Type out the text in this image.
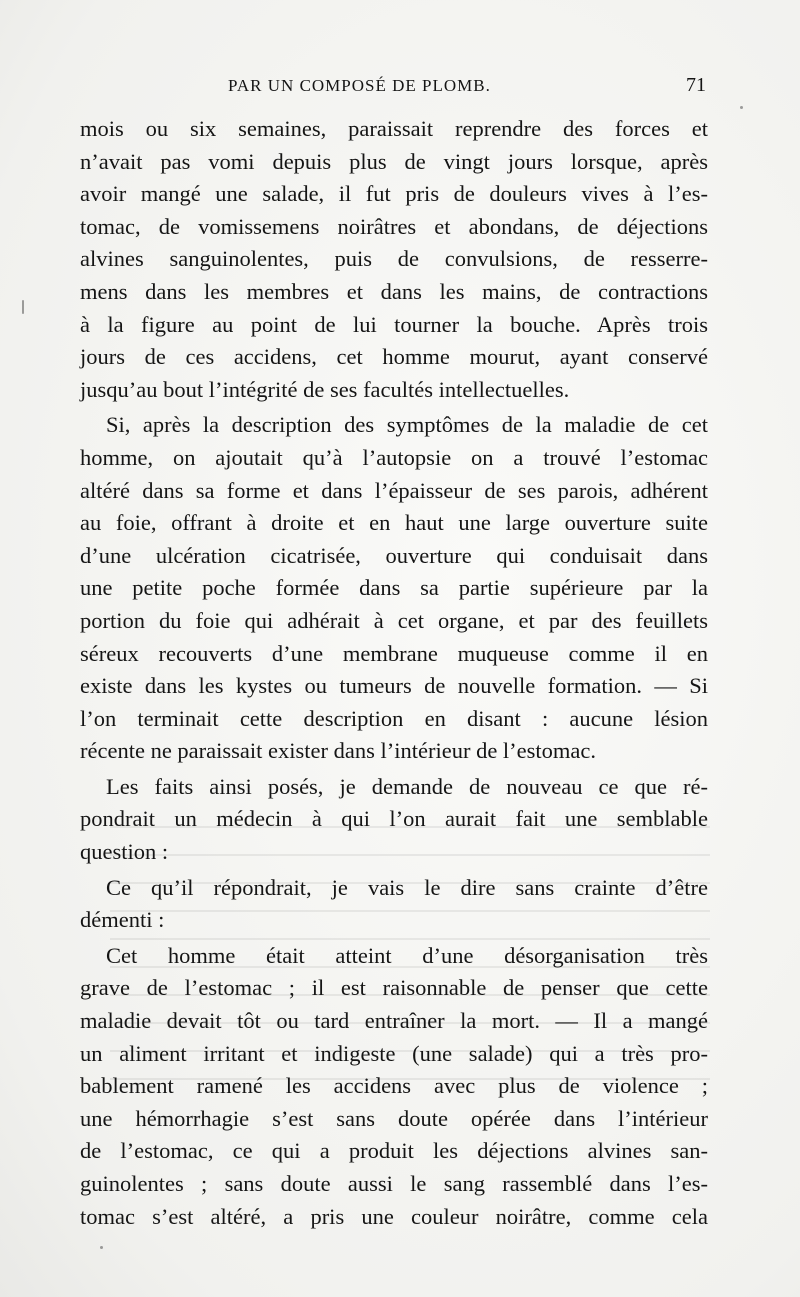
PAR UN COMPOSÉ DE PLOMB.	71
mois ou six semaines, paraissait reprendre des forces et
n’avait pas vomi depuis plus de vingt jours lorsque, après
avoir mangé une salade, il fut pris de douleurs vives à l’es-
tomac, de vomissemens noirâtres et abondans, de déjections
alvines sanguinolentes, puis de convulsions, de resserre-
mens dans les membres et dans les mains, de contractions
à la figure au point de lui tourner la bouche. Après trois
jours de ces accidens, cet homme mourut, ayant conservé
jusqu’au bout l’intégrité de ses facultés intellectuelles.
Si, après la description des symptômes de la maladie de cet
homme, on ajoutait qu’à l’autopsie on a trouvé l’estomac
altéré dans sa forme et dans l’épaisseur de ses parois, adhérent
au foie, offrant à droite et en haut une large ouverture suite
d’une ulcération cicatrisée, ouverture qui conduisait dans
une petite poche formée dans sa partie supérieure par la
portion du foie qui adhérait à cet organe, et par des feuillets
séreux recouverts d’une membrane muqueuse comme il en
existe dans les kystes ou tumeurs de nouvelle formation. — Si
l’on terminait cette description en disant : aucune lésion
récente ne paraissait exister dans l’intérieur de l’estomac.
Les faits ainsi posés, je demande de nouveau ce que ré-
pondrait un médecin à qui l’on aurait fait une semblable
question :
Ce qu’il répondrait, je vais le dire sans crainte d’être
démenti :
Cet homme était atteint d’une désorganisation très
grave de l’estomac ; il est raisonnable de penser que cette
maladie devait tôt ou tard entraîner la mort. — Il a mangé
un aliment irritant et indigeste (une salade) qui a très pro-
bablement ramené les accidens avec plus de violence ;
une hémorrhagie s’est sans doute opérée dans l’intérieur
de l’estomac, ce qui a produit les déjections alvines san-
guinolentes ; sans doute aussi le sang rassemblé dans l’es-
tomac s’est altéré, a pris une couleur noirâtre, comme cela
